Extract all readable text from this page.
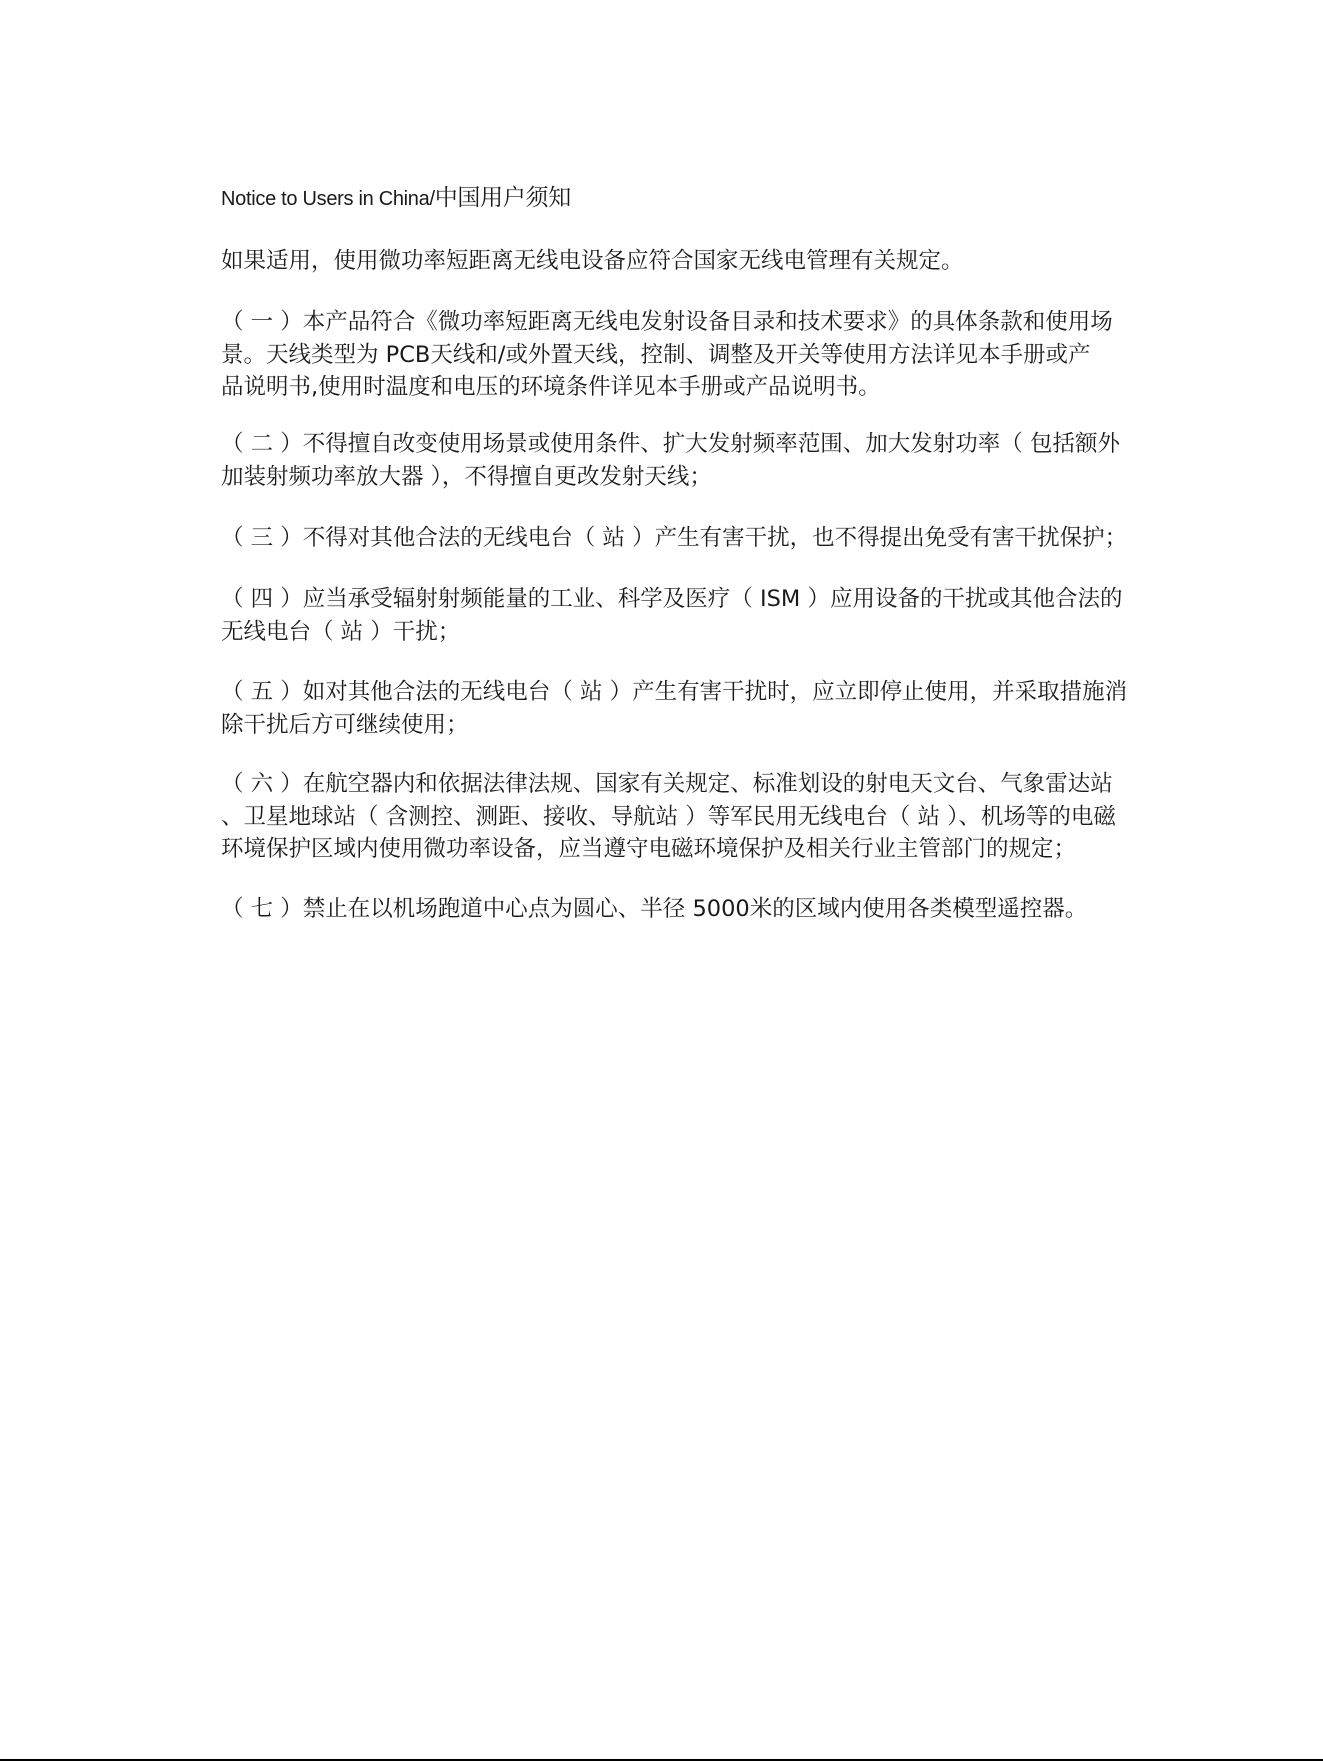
Notice to Users in China/中国用户须知
如果适用，使用微功率短距离无线电设备应符合国家无线电管理有关规定。
（ 一 ）本产品符合《微功率短距离无线电发射设备目录和技术要求》的具体条款和使用场
景。天线类型为 PCB天线和/或外置天线，控制、调整及开关等使用方法详见本手册或产
品说明书,使用时温度和电压的环境条件详见本手册或产品说明书。
（ 二 ）不得擅自改变使用场景或使用条件、扩大发射频率范围、加大发射功率（ 包括额外
加装射频功率放大器 ），不得擅自更改发射天线；
（ 三 ）不得对其他合法的无线电台（ 站 ）产生有害干扰，也不得提出免受有害干扰保护；
（ 四 ）应当承受辐射射频能量的工业、科学及医疗（ ISM ）应用设备的干扰或其他合法的
无线电台（ 站 ）干扰；
（ 五 ）如对其他合法的无线电台（ 站 ）产生有害干扰时，应立即停止使用，并采取措施消
除干扰后方可继续使用；
（ 六 ）在航空器内和依据法律法规、国家有关规定、标准划设的射电天文台、气象雷达站
、卫星地球站（ 含测控、测距、接收、导航站 ）等军民用无线电台（ 站 ）、机场等的电磁
环境保护区域内使用微功率设备，应当遵守电磁环境保护及相关行业主管部门的规定；
（ 七 ）禁止在以机场跑道中心点为圆心、半径 5000米的区域内使用各类模型遥控器。
